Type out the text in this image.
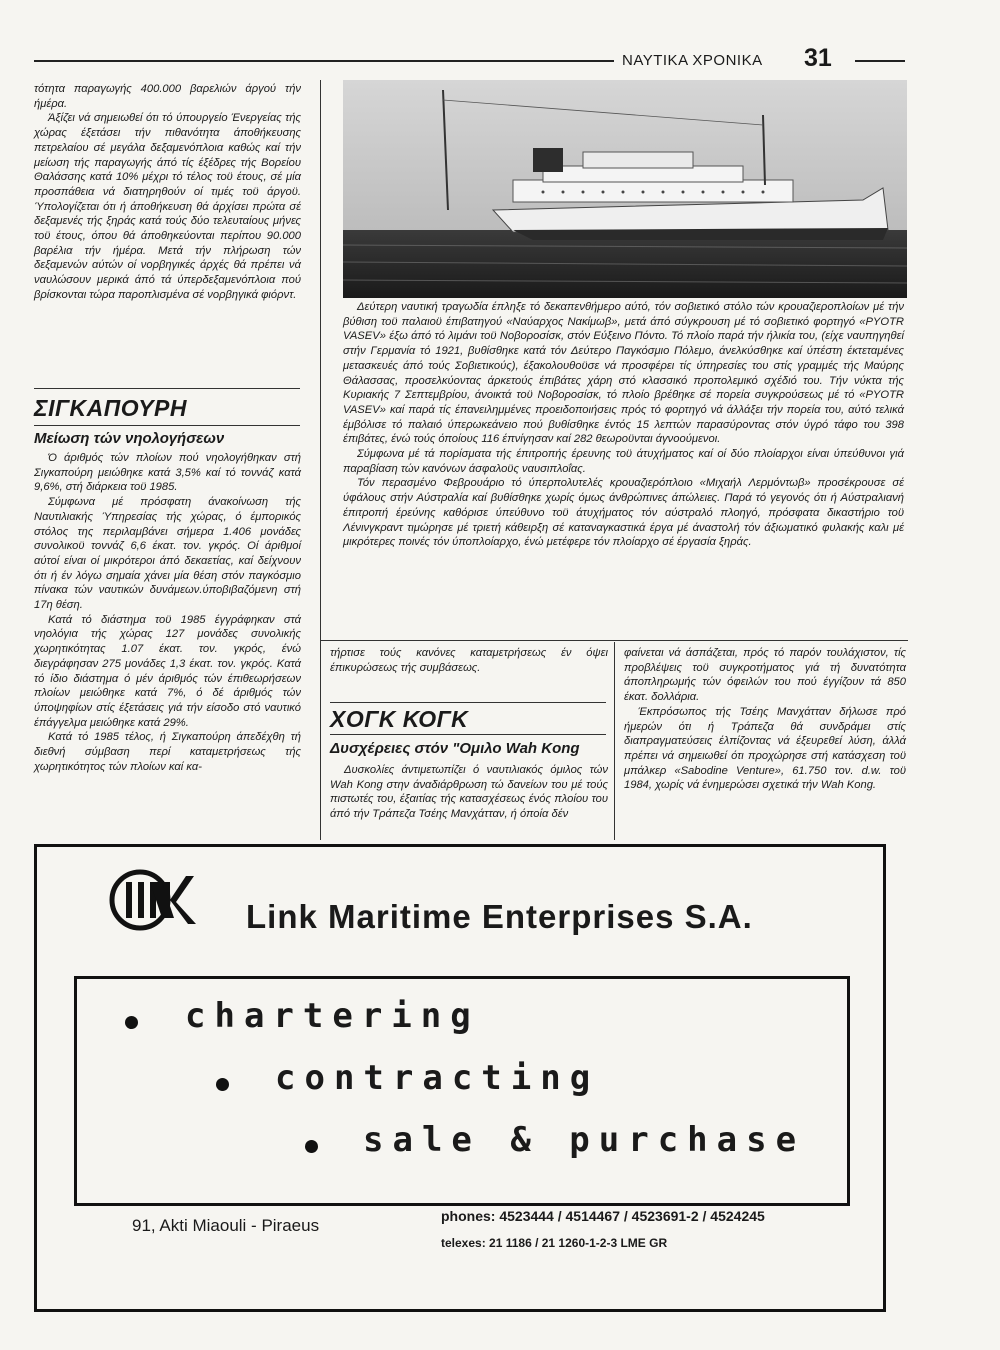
ΝΑΥΤΙΚΑ ΧΡΟΝΙΚΑ 31

τότητα παραγωγής 400.000 βαρελιών άργού τήν ήμέρα.

Άξίζει νά σημειωθεί ότι τό ύπουργείο Ένεργείας τής χώρας έξετάσει τήν πιθανότητα άποθήκευσης πετρελαίου σέ μεγάλα δεξαμενόπλοια καθώς καί τήν μείωση τής παραγωγής άπό τίς έξέδρες τής Βορείου Θαλάσσης κατά 10% μέχρι τό τέλος τοϋ έτους, σέ μία προσπάθεια νά διατηρηθούν οί τιμές τοϋ άργοϋ. Ύπολογίζεται ότι ή άποθήκευση θά άρχίσει πρώτα σέ δεξαμενές τής ξηράς κατά τούς δύο τελευταίους μήνες τοϋ έτους, όπου θά άποθηκεύονται περίπου 90.000 βαρέλια τήν ήμέρα. Μετά τήν πλήρωση τών δεξαμενών αύτών οί νορβηγικές άρχές θά πρέπει νά ναυλώσουν μερικά άπό τά ύπερδεξαμενόπλοια πού βρίσκονται τώρα παροπλισμένα σέ νορβηγικά φιόρντ.

ΣΙΓΚΑΠΟΥΡΗ
Μείωση τών νηολογήσεων

Ό άριθμός τών πλοίων πού νηολογήθηκαν στή Σιγκαπούρη μειώθηκε κατά 3,5% καί τό τοννάζ κατά 9,6%, στή διάρκεια τοϋ 1985.

Σύμφωνα μέ πρόσφατη άνακοίνωση τής Ναυτιλιακής Ύπηρεσίας τής χώρας, ό έμπορικός στόλος της περιλαμβάνει σήμερα 1.406 μονάδες συνολικοϋ τοννάζ 6,6 έκατ. τον. γκρός. Οί άριθμοί αύτοί είναι οί μικρότεροι άπό δεκαετίας, καί δείχνουν ότι ή έν λόγω σημαία χάνει μία θέση στόν παγκόσμιο πίνακα τών ναυτικών δυνάμεων.ύποβιβαζόμενη στή 17η θέση.

Κατά τό διάστημα τοϋ 1985 έγγράφηκαν στά νηολόγια τής χώρας 127 μονάδες συνολικής χωρητικότητας 1.07 έκατ. τον. γκρός, ένώ διεγράφησαν 275 μονάδες 1,3 έκατ. τον. γκρός. Κατά τό ίδιο διάστημα ό μέν άριθμός τών έπιθεωρήσεων πλοίων μειώθηκε κατά 7%, ό δέ άριθμός τών ύποψηφίων στίς έξετάσεις γιά τήν είσοδο στό ναυτικό έπάγγελμα μειώθηκε κατά 29%.

Κατά τό 1985 τέλος, ή Σιγκαπούρη άπεδέχθη τή διεθνή σύμβαση περί καταμετρήσεως τής χωρητικότητος τών πλοίων καί κα-

Δεύτερη ναυτική τραγωδία έπληξε τό δεκαπενθήμερο αύτό, τόν σοβιετικό στόλο τών κρουαζιεροπλοίων μέ τήν βύθιση τοϋ παλαιοϋ έπιβατηγού «Ναύαρχος Νακίμωβ», μετά άπό σύγκρουση μέ τό σοβιετικό φορτηγό «PYOTR VASEV» έξω άπό τό λιμάνι τοϋ Νοβοροσίσκ, στόν Εύξεινο Πόντο. Τό πλοίο παρά τήν ήλικία του, (είχε ναυπηγηθεί στήν Γερμανία τό 1921, βυθίσθηκε κατά τόν Δεύτερο Παγκόσμιο Πόλεμο, άνελκύσθηκε καί ύπέστη έκτεταμένες μετασκευές άπό τούς Σοβιετικούς), έξακολουθοϋσε νά προσφέρει τίς ύπηρεσίες του στίς γραμμές τής Μαύρης Θάλασσας, προσελκύοντας άρκετούς έπιβάτες χάρη στό κλασσικό προπολεμικό σχέδιό του. Τήν νύκτα τής Κυριακής 7 Σεπτεμβρίου, άνοικτά τοϋ Νοβοροσίσκ, τό πλοίο βρέθηκε σέ πορεία συγκρούσεως μέ τό «PYOTR VASEV» καί παρά τίς έπανειλημμένες προειδοποιήσεις πρός τό φορτηγό νά άλλάξει τήν πορεία του, αύτό τελικά έμβόλισε τό παλαιό ύπερωκεάνειο πού βυθίσθηκε έντός 15 λεπτών παρασύροντας στόν ύγρό τάφο του 398 έπιβάτες, ένώ τούς όποίους 116 έπνίγησαν καί 282 θεωροϋνται άγνοούμενοι.

Σύμφωνα μέ τά πορίσματα τής έπιτροπής έρευνης τοϋ άτυχήματος καί οί δύο πλοίαρχοι είναι ύπεύθυνοι γιά παραβίαση τών κανόνων άσφαλοϋς ναυσιπλοΐας.

Τόν περασμένο Φεβρουάριο τό ύπερπολυτελές κρουαζιερόπλοιο «Μιχαήλ Λερμόντωβ» προσέκρουσε σέ ύφάλους στήν Αύστραλία καί βυθίσθηκε χωρίς όμως άνθρώπινες άπώλειες. Παρά τό γεγονός ότι ή Αύστραλιανή έπιτροπή έρεύνης καθόρισε ύπεύθυνο τοϋ άτυχήματος τόν αύστραλό πλοηγό, πρόσφατα δικαστήριο τοϋ Λένινγκραντ τιμώρησε μέ τριετή κάθειρξη σέ καταναγκαστικά έργα μέ άναστολή τόν άξιωματικό φυλακής καλι μέ μικρότερες ποινές τόν ύποπλοίαρχο, ένώ μετέφερε τόν πλοίαρχο σέ έργασία ξηράς.

τήρτισε τούς κανόνες καταμετρήσεως έν όψει έπικυρώσεως τής συμβάσεως.

ΧΟΓΚ ΚΟΓΚ
Δυσχέρειες στόν "Ομιλο Wah Kong

Δυσκολίες άντιμετωπίζει ό ναυτιλιακός όμιλος τών Wah Kong στην άναδιάρθρωση τώ δανείων του μέ τούς πιστωτές του, έξαιτίας τής κατασχέσεως ένός πλοίου του άπό τήν Τράπεζα Τσέης Μανχάτταν, ή όποία δέν

φαίνεται νά άσπάζεται, πρός τό παρόν τουλάχιστον, τίς προβλέψεις τοϋ συγκροτήματος γιά τή δυνατότητα άποπληρωμής τών όφειλών του πού έγγίζουν τά 850 έκατ. δολλάρια.

Έκπρόσωπος τής Τσέης Μανχάτταν δήλωσε πρό ήμερών ότι ή Τράπεζα θά συνδράμει στίς διαπραγματεύσεις έλπίζοντας νά έξευρεθεί λύση, άλλά πρέπει νά σημειωθεί ότι προχώρησε στή κατάσχεση τοϋ μπάλκερ «Sabodine Venture», 61.750 τον. d.w. τοϋ 1984, χωρίς νά ένημερώσει σχετικά τήν Wah Kong.

LINK
Link Maritime Enterprises S.A.
chartering
contracting
sale & purchase
91, Akti Miaouli - Piraeus	phones: 4523444 / 4514467 / 4523691-2 / 4524245
telexes: 21 1186 / 21 1260-1-2-3 LME GR
